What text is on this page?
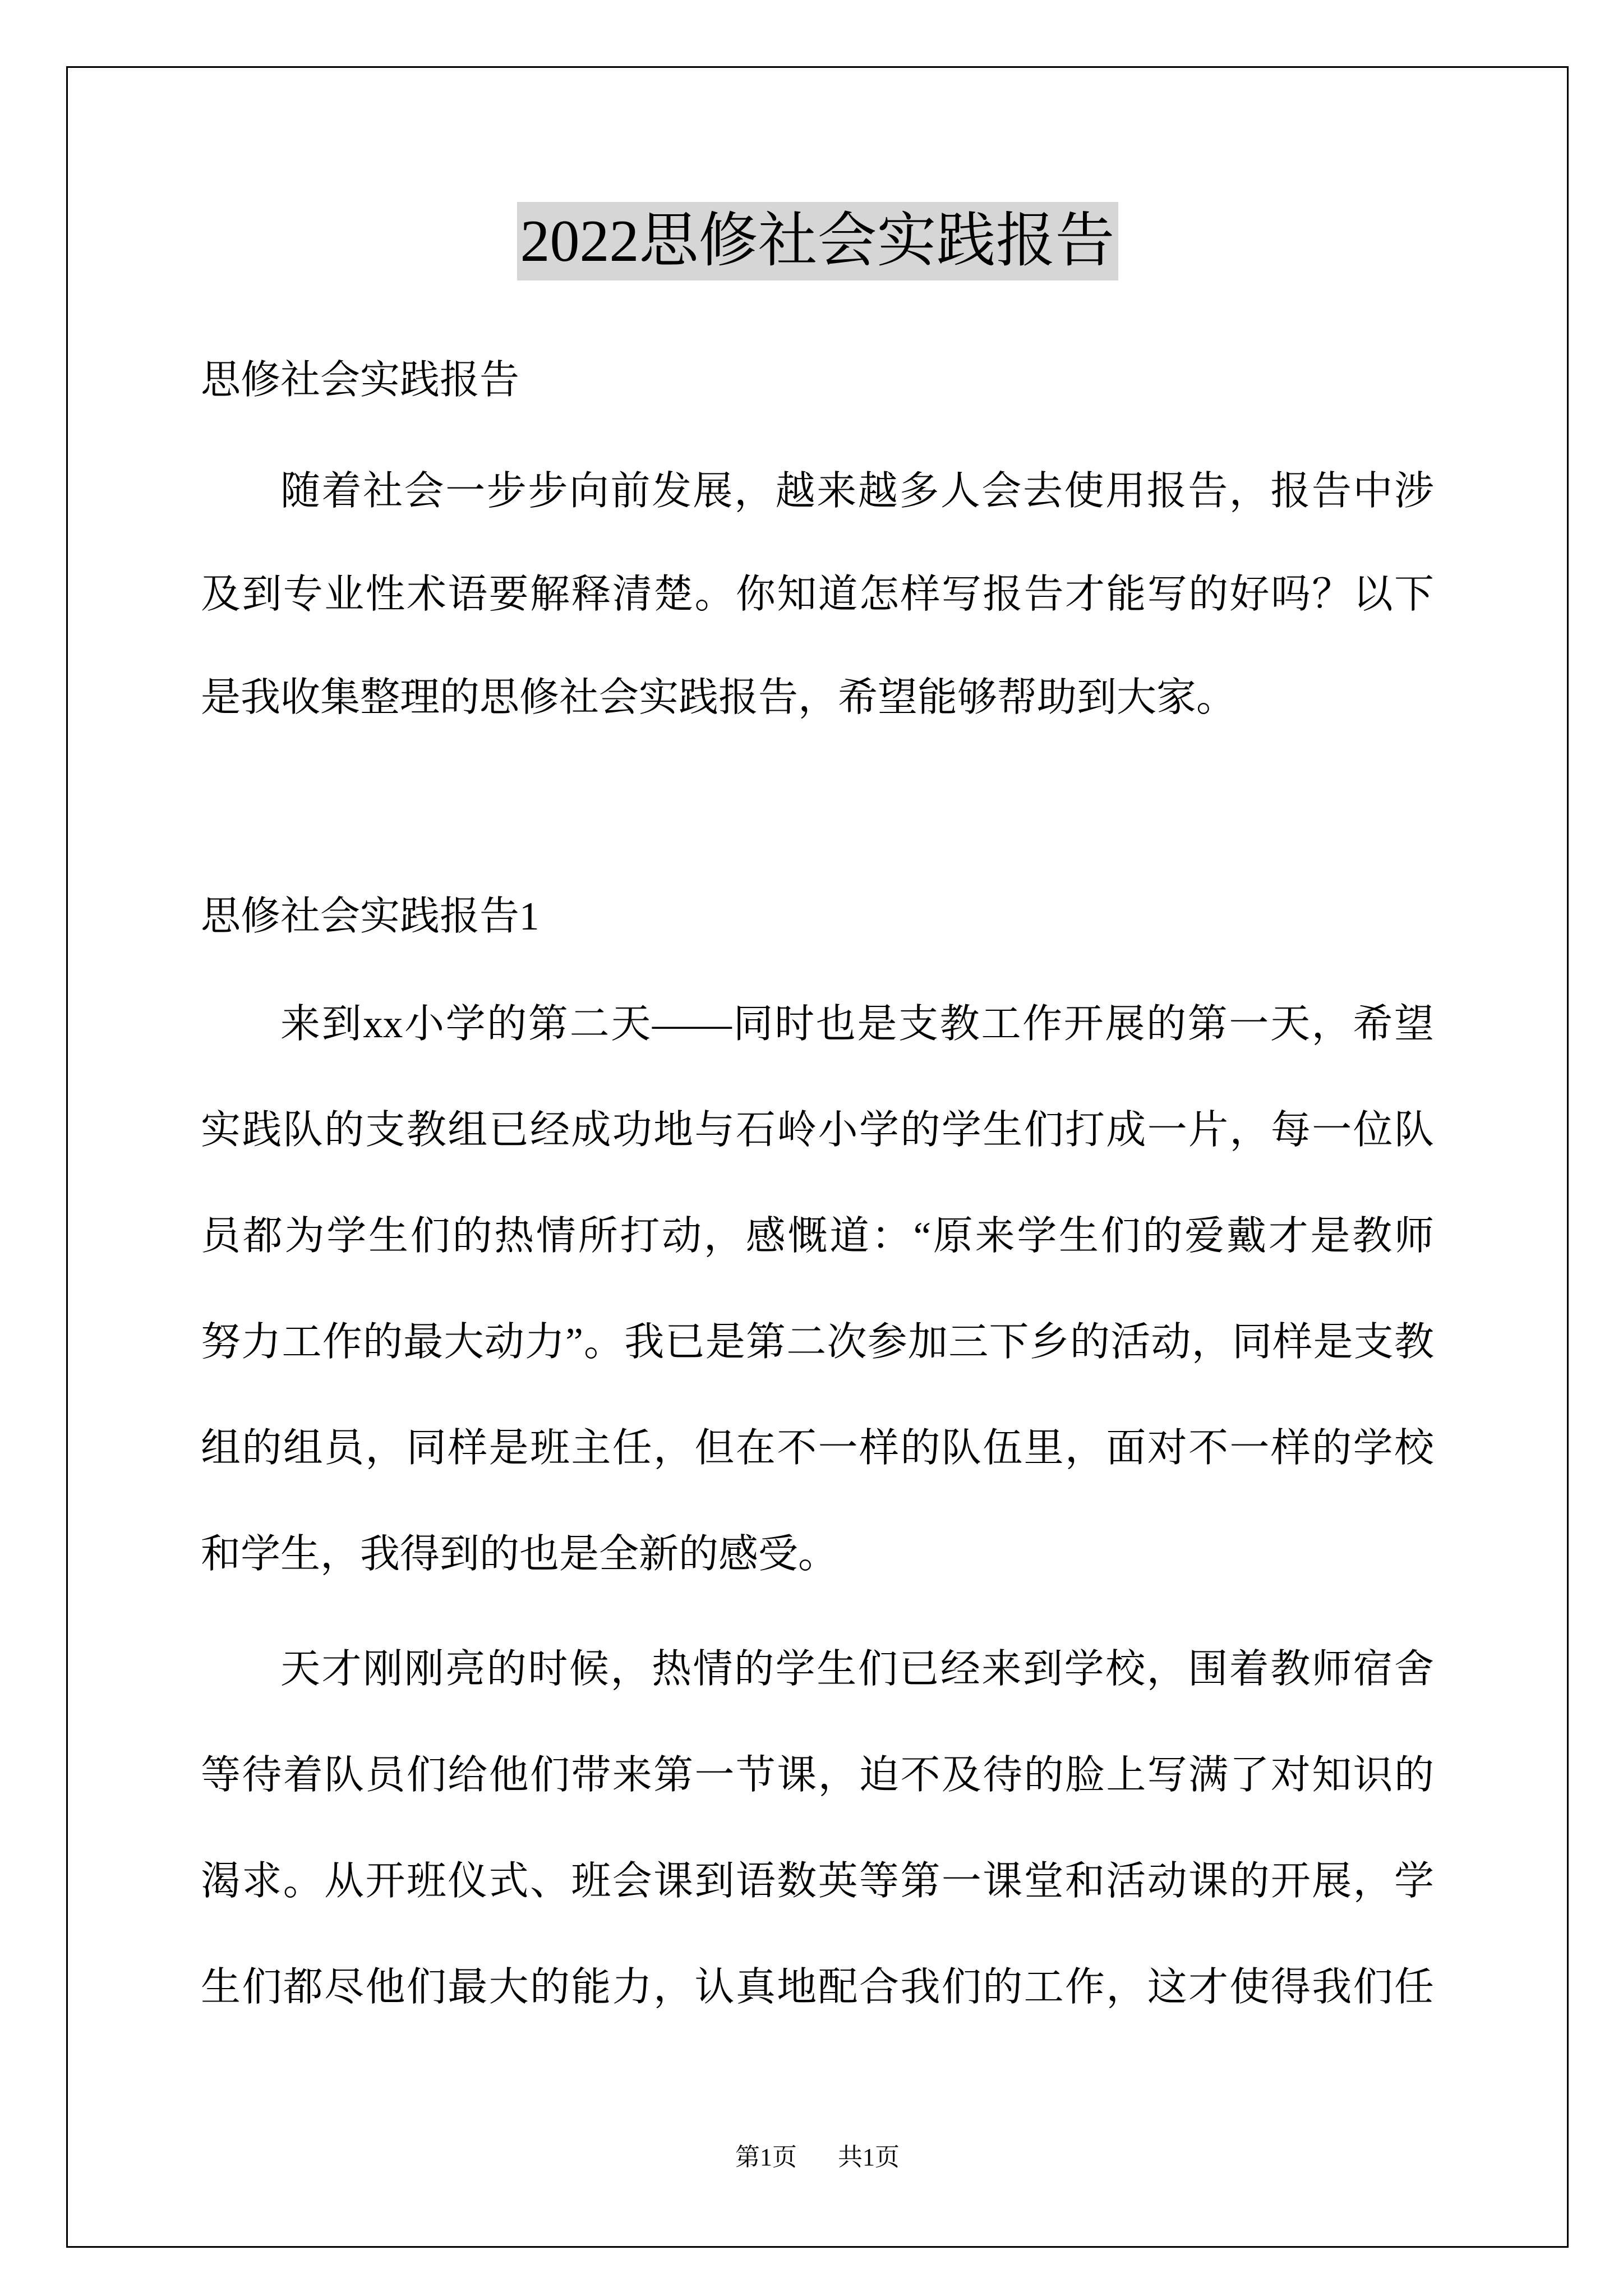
2022思修社会实践报告
思修社会实践报告
随着社会一步步向前发展，越来越多人会去使用报告，报告中涉
及到专业性术语要解释清楚。你知道怎样写报告才能写的好吗？以下
是我收集整理的思修社会实践报告，希望能够帮助到大家。
思修社会实践报告1
来到xx小学的第二天——同时也是支教工作开展的第一天，希望
实践队的支教组已经成功地与石岭小学的学生们打成一片，每一位队
员都为学生们的热情所打动，感慨道：“原来学生们的爱戴才是教师
努力工作的最大动力”。我已是第二次参加三下乡的活动，同样是支教
组的组员，同样是班主任，但在不一样的队伍里，面对不一样的学校
和学生，我得到的也是全新的感受。
天才刚刚亮的时候，热情的学生们已经来到学校，围着教师宿舍
等待着队员们给他们带来第一节课，迫不及待的脸上写满了对知识的
渴求。从开班仪式、班会课到语数英等第一课堂和活动课的开展，学
生们都尽他们最大的能力，认真地配合我们的工作，这才使得我们任
第1页 共1页
